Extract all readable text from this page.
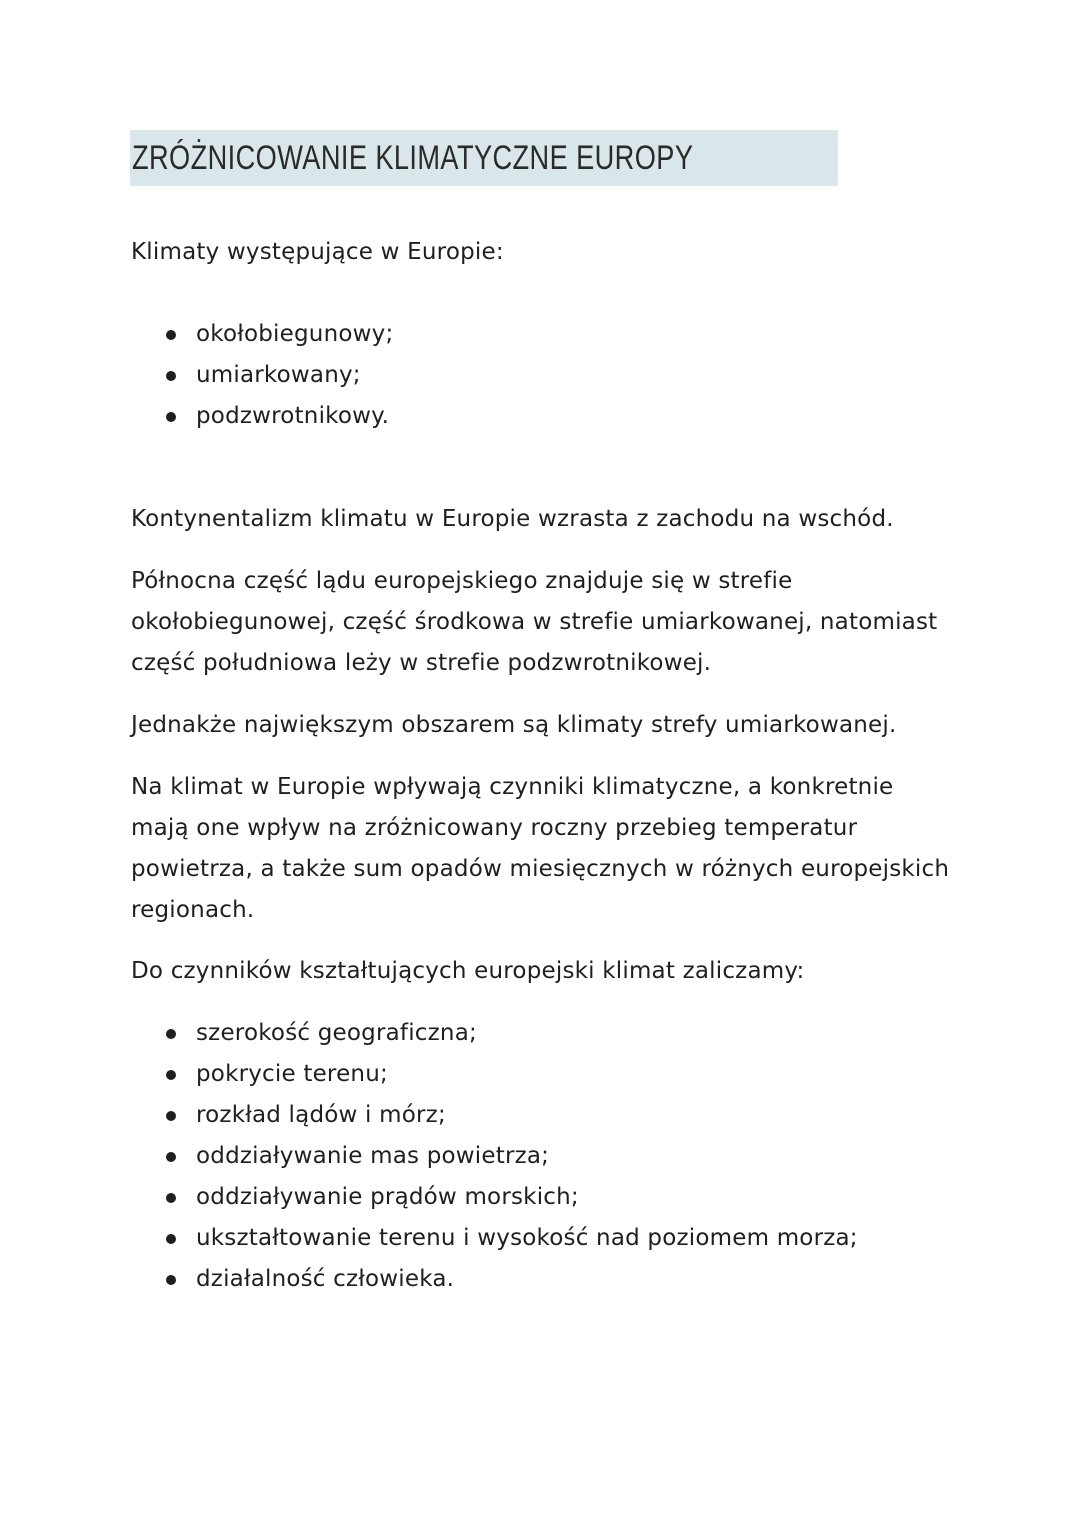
ZRÓŻNICOWANIE KLIMATYCZNE EUROPY

Klimaty występujące w Europie:

okołobiegunowy;
umiarkowany;
podzwrotnikowy.

Kontynentalizm klimatu w Europie wzrasta z zachodu na wschód.

Północna część lądu europejskiego znajduje się w strefie okołobiegunowej, część środkowa w strefie umiarkowanej, natomiast część południowa leży w strefie podzwrotnikowej.

Jednakże największym obszarem są klimaty strefy umiarkowanej.

Na klimat w Europie wpływają czynniki klimatyczne, a konkretnie mają one wpływ na zróżnicowany roczny przebieg temperatur powietrza, a także sum opadów miesięcznych w różnych europejskich regionach.

Do czynników kształtujących europejski klimat zaliczamy:

szerokość geograficzna;
pokrycie terenu;
rozkład lądów i mórz;
oddziaływanie mas powietrza;
oddziaływanie prądów morskich;
ukształtowanie terenu i wysokość nad poziomem morza;
działalność człowieka.
